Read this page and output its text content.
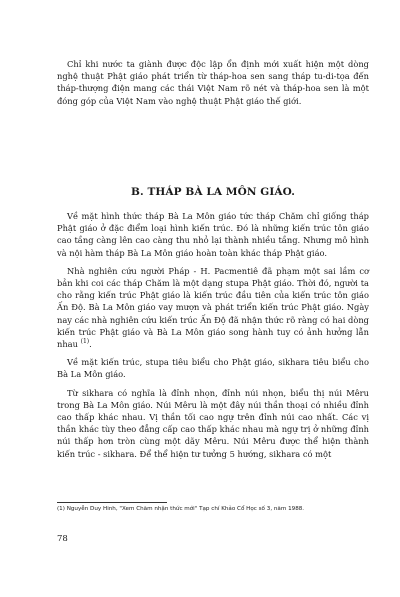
Chỉ khi nước ta giành được độc lập ổn định mới xuất hiện một dòng nghệ thuật Phật giáo phát triển từ tháp-hoa sen sang tháp tu-di-tọa đến tháp-thượng điện mang các thái Việt Nam rõ nét và tháp-hoa sen là một đóng góp của Việt Nam vào nghệ thuật Phật giáo thế giới.

B. THÁP BÀ LA MÔN GIÁO.

Về mặt hình thức tháp Bà La Môn giáo tức tháp Chăm chỉ giống tháp Phật giáo ở đặc điểm loại hình kiến trúc. Đó là những kiến trúc tôn giáo cao tầng càng lên cao càng thu nhỏ lại thành nhiều tầng. Nhưng mô hình và nội hàm tháp Bà La Môn giáo hoàn toàn khác tháp Phật giáo.

Nhà nghiên cứu người Pháp - H. Pacmentiê đã phạm một sai lầm cơ bản khi coi các tháp Chăm là một dạng stupa Phật giáo. Thời đó, người ta cho rằng kiến trúc Phật giáo là kiến trúc đầu tiên của kiến trúc tôn giáo Ấn Độ. Bà La Môn giáo vay mượn và phát triển kiến trúc Phật giáo. Ngày nay các nhà nghiên cứu kiến trúc Ấn Độ đã nhận thức rõ ràng có hai dòng kiến trúc Phật giáo và Bà La Môn giáo song hành tuy có ảnh hưởng lẫn nhau $^{(1)}$.

Về mặt kiến trúc, stupa tiêu biểu cho Phật giáo, sikhara tiêu biểu cho Bà La Môn giáo.

Từ sikhara có nghĩa là đỉnh nhọn, đỉnh núi nhọn, biểu thị núi Mêru trong Bà La Môn giáo. Núi Mêru là một đây núi thần thoại có nhiều đỉnh cao thấp khác nhau. Vị thần tối cao ngự trên đỉnh núi cao nhất. Các vị thần khác tùy theo đẳng cấp cao thấp khác nhau mà ngự trị ở những đỉnh núi thấp hơn tròn cùng một dãy Mêru. Núi Mêru được thể hiện thành kiến trúc - sikhara. Để thể hiện tư tưởng 5 hướng, sikhara có một

(1) Nguyễn Duy Hinh, "Xem Chăm nhận thức mới" Tạp chí Khảo Cổ Học số 3, năm 1988.

78
